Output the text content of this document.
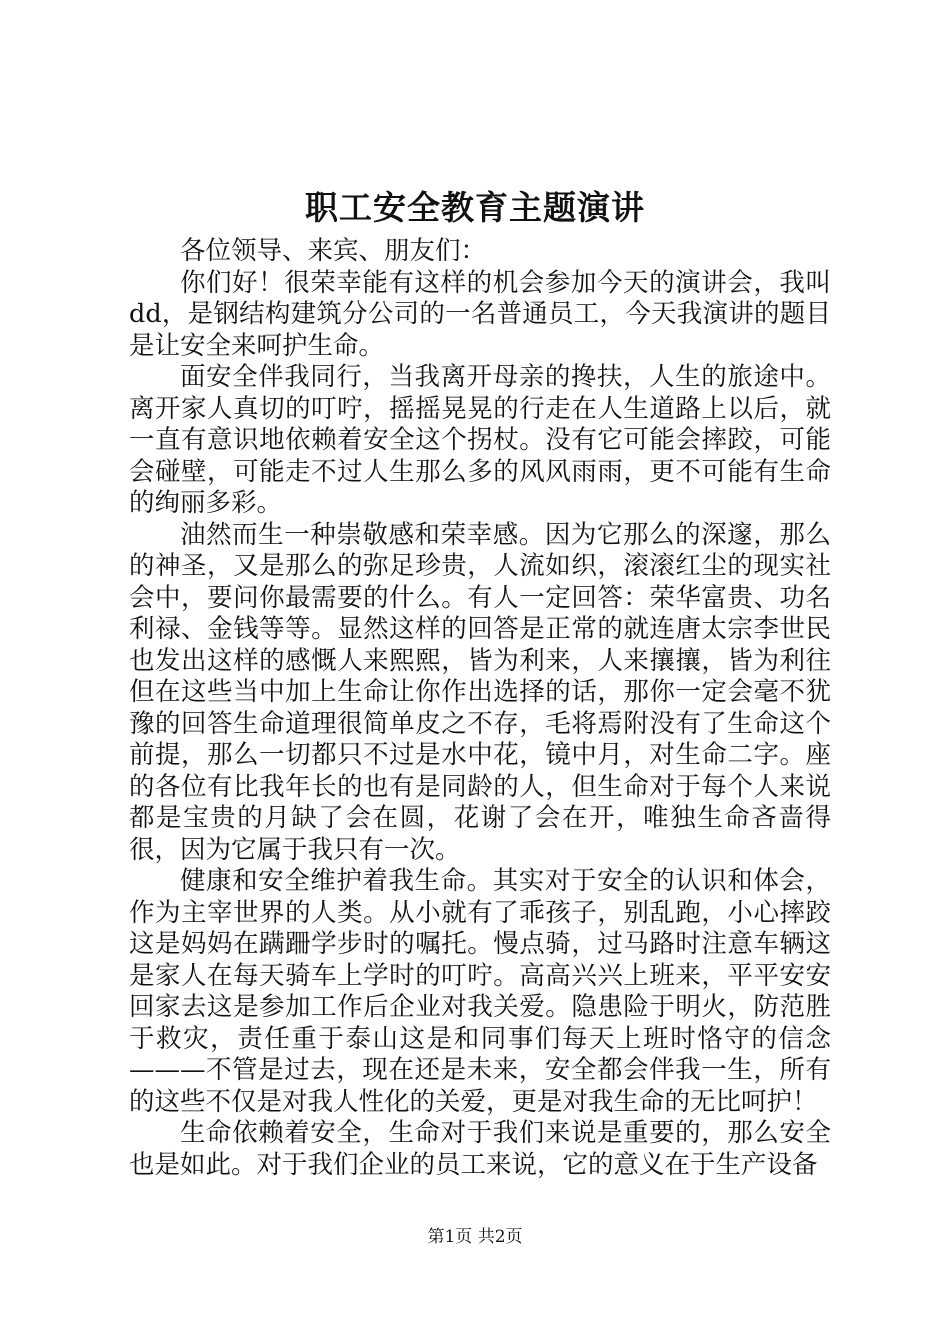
职工安全教育主题演讲

各位领导、来宾、朋友们：

你们好！很荣幸能有这样的机会参加今天的演讲会，我叫dd，是钢结构建筑分公司的一名普通员工，今天我演讲的题目是让安全来呵护生命。

面安全伴我同行，当我离开母亲的搀扶，人生的旅途中。离开家人真切的叮咛，摇摇晃晃的行走在人生道路上以后，就一直有意识地依赖着安全这个拐杖。没有它可能会摔跤，可能会碰壁，可能走不过人生那么多的风风雨雨，更不可能有生命的绚丽多彩。

油然而生一种崇敬感和荣幸感。因为它那么的深邃，那么的神圣，又是那么的弥足珍贵，人流如织，滚滚红尘的现实社会中，要问你最需要的什么。有人一定回答：荣华富贵、功名利禄、金钱等等。显然这样的回答是正常的就连唐太宗李世民也发出这样的感慨人来熙熙，皆为利来，人来攘攘，皆为利往但在这些当中加上生命让你作出选择的话，那你一定会毫不犹豫的回答生命道理很简单皮之不存，毛将焉附没有了生命这个前提，那么一切都只不过是水中花，镜中月，对生命二字。座的各位有比我年长的也有是同龄的人，但生命对于每个人来说都是宝贵的月缺了会在圆，花谢了会在开，唯独生命吝啬得很，因为它属于我只有一次。

健康和安全维护着我生命。其实对于安全的认识和体会，作为主宰世界的人类。从小就有了乖孩子，别乱跑，小心摔跤这是妈妈在蹒跚学步时的嘱托。慢点骑，过马路时注意车辆这是家人在每天骑车上学时的叮咛。高高兴兴上班来，平平安安回家去这是参加工作后企业对我关爱。隐患险于明火，防范胜于救灾，责任重于泰山这是和同事们每天上班时恪守的信念———不管是过去，现在还是未来，安全都会伴我一生，所有的这些不仅是对我人性化的关爱，更是对我生命的无比呵护！

生命依赖着安全，生命对于我们来说是重要的，那么安全也是如此。对于我们企业的员工来说，它的意义在于生产设备

第1页 共2页
